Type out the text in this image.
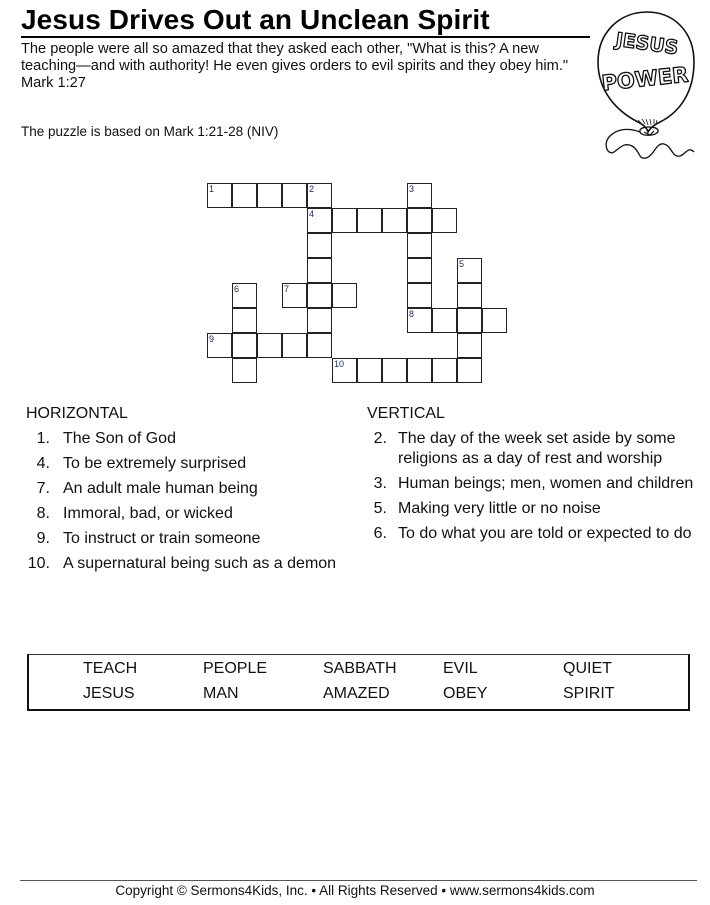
Jesus Drives Out an Unclean Spirit
The people were all so amazed that they asked each other, "What is this? A new
teaching—and with authority! He even gives orders to evil spirits and they obey him."
Mark 1:27
The puzzle is based on Mark 1:21-28 (NIV)
JESUS
POWER
1	2
4
3
8
5
6	7
9
10
HORIZONTAL
1. The Son of God
4. To be extremely surprised
7. An adult male human being
8. Immoral, bad, or wicked
9. To instruct or train someone
10. A supernatural being such as a demon
VERTICAL
2. The day of the week set aside by some religions as a day of rest and worship
3. Human beings; men, women and children
5. Making very little or no noise
6. To do what you are told or expected to do
TEACH	PEOPLE	SABBATH	EVIL	QUIET
JESUS	MAN	AMAZED	OBEY	SPIRIT
Copyright © Sermons4Kids, Inc. • All Rights Reserved • www.sermons4kids.com
